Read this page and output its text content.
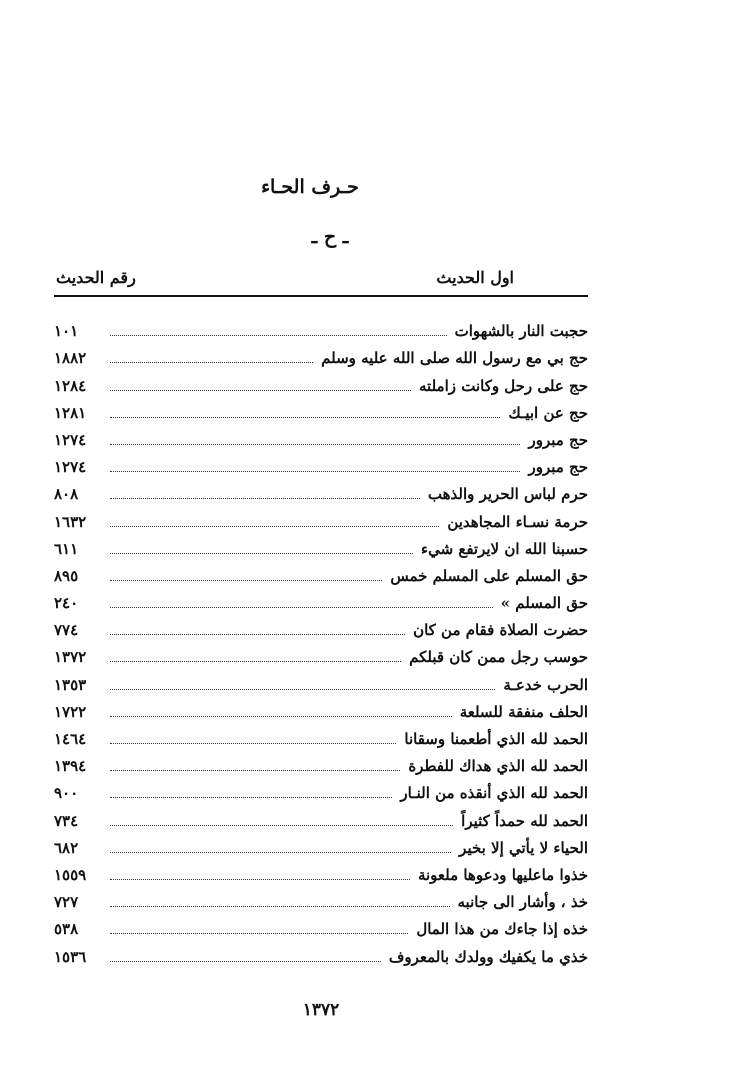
حـرف الحـاء
ـ ح ـ
اول الحديث
رقم الحديث
حجبت النار بالشهوات
١٠١
حج بي مع رسول الله صلى الله عليه وسلم
١٨٨٢
حج على رحل وكانت زاملته
١٢٨٤
حج عن ابيـك
١٢٨١
حج مبرور
١٢٧٤
حج مبرور
١٢٧٤
حرم لباس الحرير والذهب
٨٠٨
حرمة نسـاء المجاهدين
١٦٣٢
حسبنا الله ان لايرتفع شيء
٦١١
حق المسلم على المسلم خمس
٨٩٥
حق المسلم »
٢٤٠
حضرت الصلاة فقام من كان
٧٧٤
حوسب رجل ممن كان قبلكم
١٣٧٢
الحرب خدعـة
١٣٥٣
الحلف منفقة للسلعة
١٧٢٢
الحمد لله الذي أطعمنا وسقانا
١٤٦٤
الحمد لله الذي هداك للفطرة
١٣٩٤
الحمد لله الذي أنقذه من النـار
٩٠٠
الحمد لله حمداً كثيراً
٧٣٤
الحياء لا يأتي إلا بخير
٦٨٢
خذوا ماعليها ودعوها ملعونة
١٥٥٩
خذ ، وأشار الى جانبه
٧٢٧
خذه إذا جاءك من هذا المال
٥٣٨
خذي ما يكفيك وولدك بالمعروف
١٥٣٦
١٣٧٢
